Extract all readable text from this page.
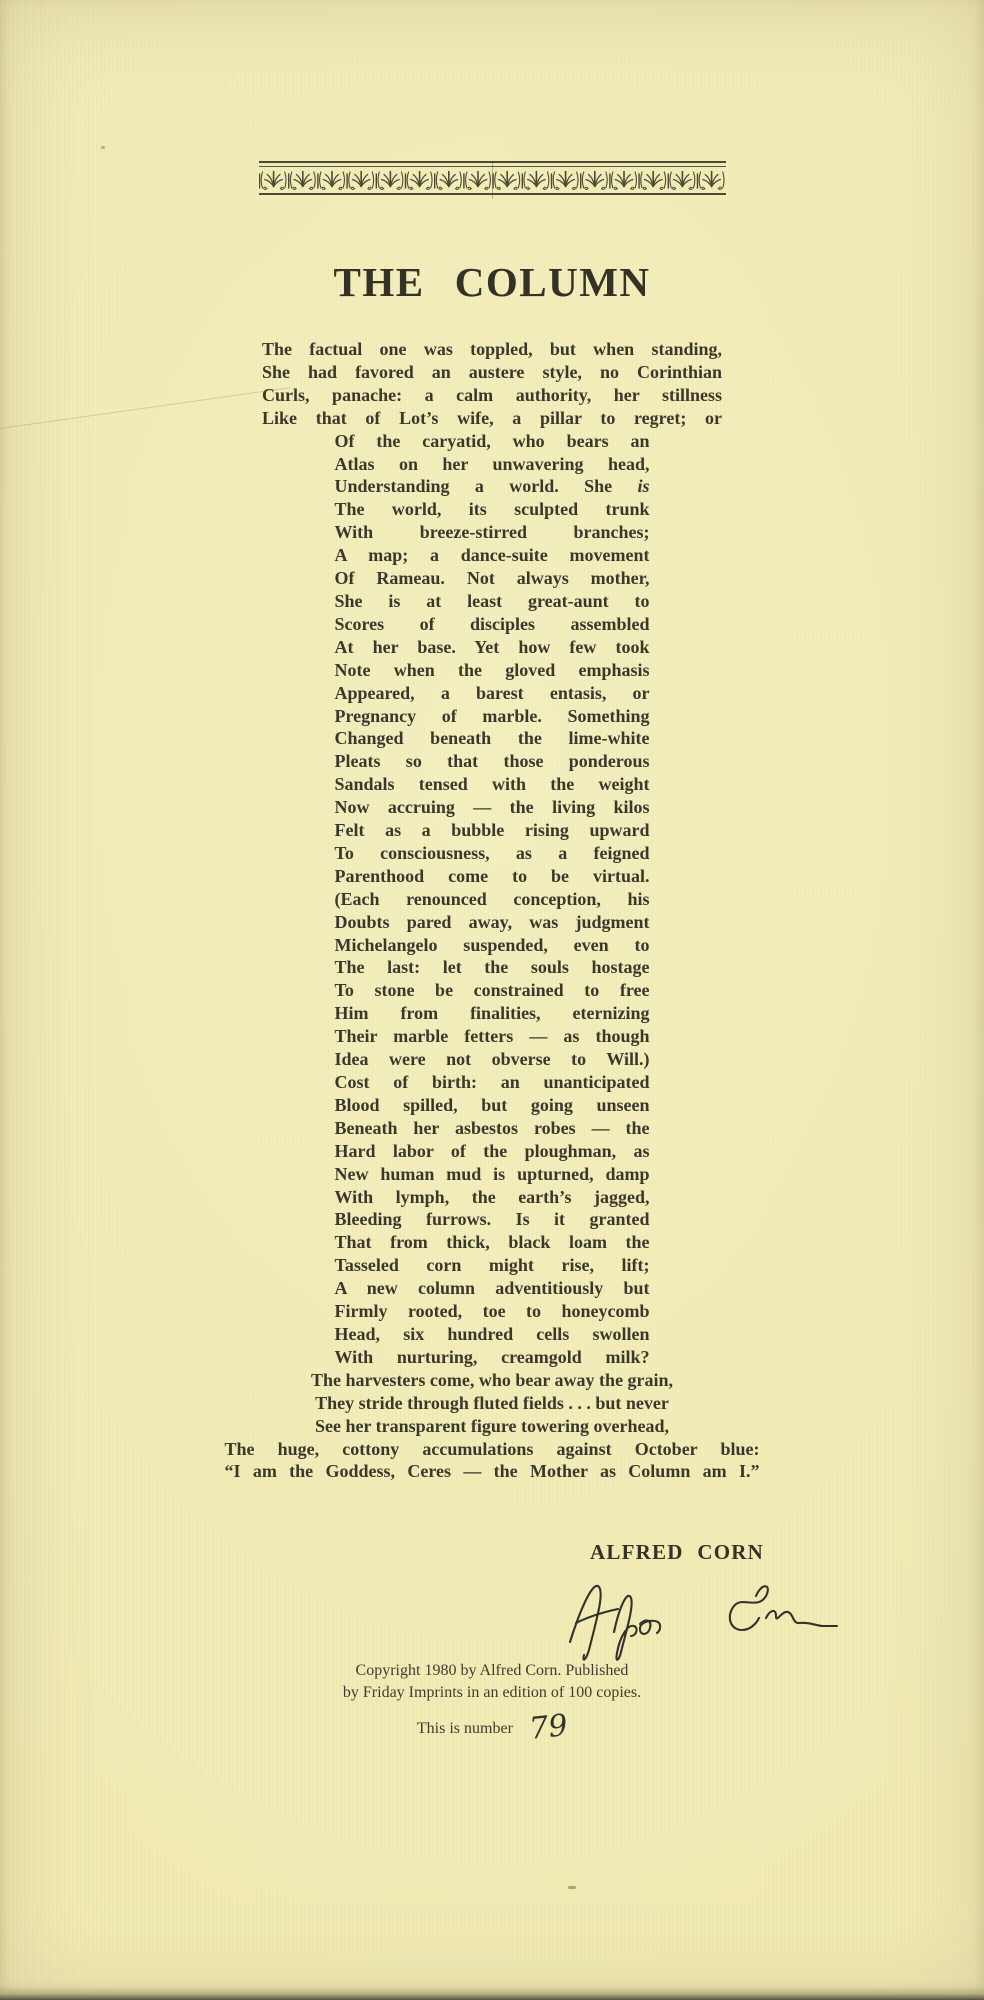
THE COLUMN
The factual one was toppled, but when standing,
She had favored an austere style, no Corinthian
Curls, panache: a calm authority, her stillness
Like that of Lot’s wife, a pillar to regret; or
Of the caryatid, who bears an
Atlas on her unwavering head,
Understanding a world. She is
The world, its sculpted trunk
With breeze-stirred branches;
A map; a dance-suite movement
Of Rameau. Not always mother,
She is at least great-aunt to
Scores of disciples assembled
At her base. Yet how few took
Note when the gloved emphasis
Appeared, a barest entasis, or
Pregnancy of marble. Something
Changed beneath the lime-white
Pleats so that those ponderous
Sandals tensed with the weight
Now accruing — the living kilos
Felt as a bubble rising upward
To consciousness, as a feigned
Parenthood come to be virtual.
(Each renounced conception, his
Doubts pared away, was judgment
Michelangelo suspended, even to
The last: let the souls hostage
To stone be constrained to free
Him from finalities, eternizing
Their marble fetters — as though
Idea were not obverse to Will.)
Cost of birth: an unanticipated
Blood spilled, but going unseen
Beneath her asbestos robes — the
Hard labor of the ploughman, as
New human mud is upturned, damp
With lymph, the earth’s jagged,
Bleeding furrows. Is it granted
That from thick, black loam the
Tasseled corn might rise, lift;
A new column adventitiously but
Firmly rooted, toe to honeycomb
Head, six hundred cells swollen
With nurturing, creamgold milk?
The harvesters come, who bear away the grain,
They stride through fluted fields . . . but never
See her transparent figure towering overhead,
The huge, cottony accumulations against October blue:
“I am the Goddess, Ceres — the Mother as Column am I.”
ALFRED CORN
Copyright 1980 by Alfred Corn. Published
by Friday Imprints in an edition of 100 copies.
This is number 79
